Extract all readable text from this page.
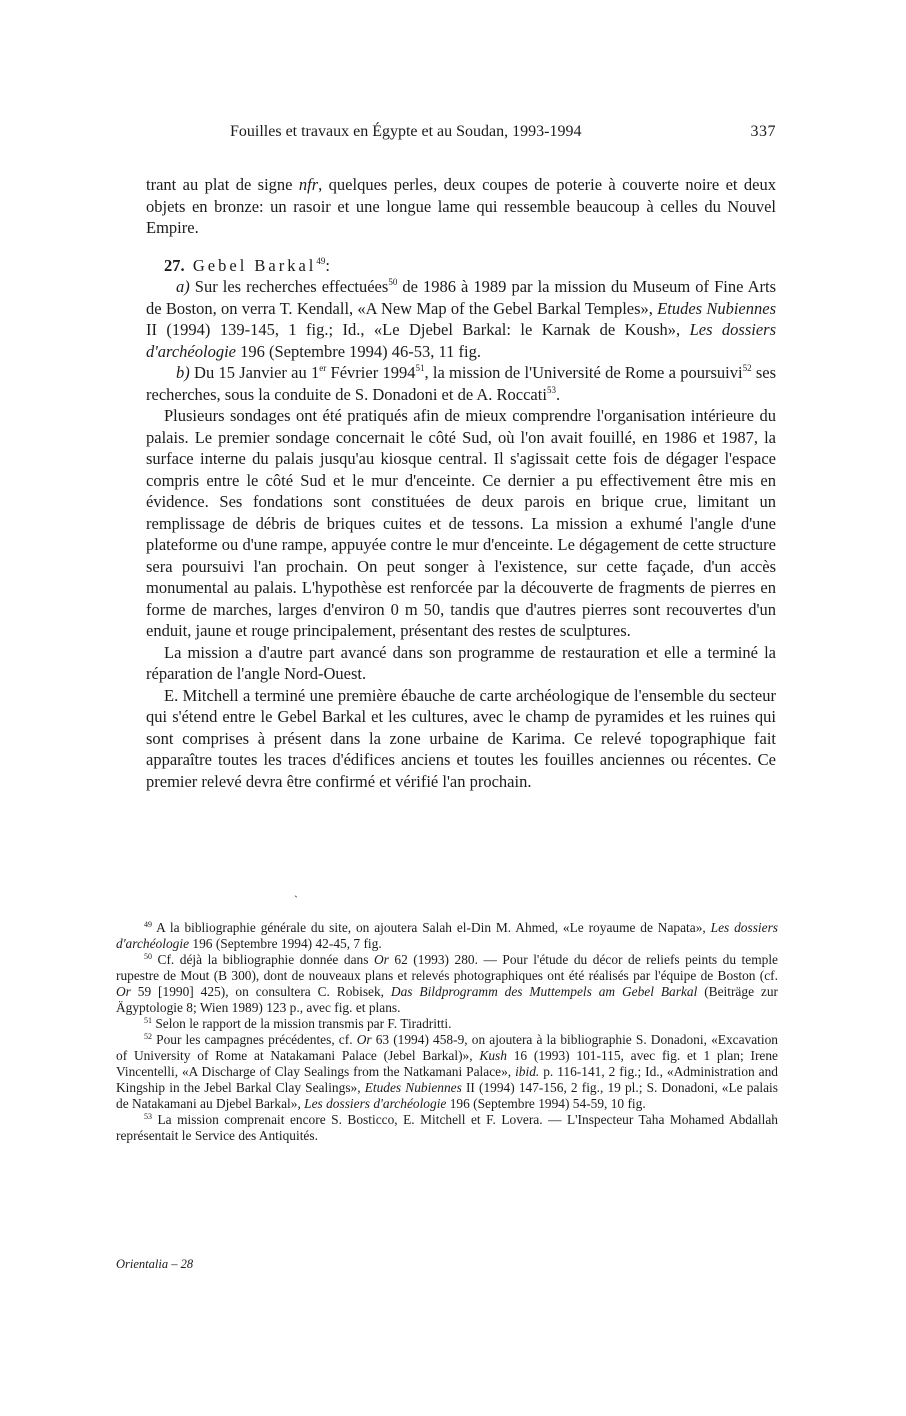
Fouilles et travaux en Égypte et au Soudan, 1993-1994	337

trant au plat de signe nfr, quelques perles, deux coupes de poterie à couverte noire et deux objets en bronze: un rasoir et une longue lame qui ressemble beaucoup à celles du Nouvel Empire.

27. Gebel Barkal$^{49}$:

a) Sur les recherches effectuées$^{50}$ de 1986 à 1989 par la mission du Museum of Fine Arts de Boston, on verra T. Kendall, «A New Map of the Gebel Barkal Temples», Etudes Nubiennes II (1994) 139-145, 1 fig.; Id., «Le Djebel Barkal: le Karnak de Koush», Les dossiers d'archéologie 196 (Septembre 1994) 46-53, 11 fig.

b) Du 15 Janvier au 1er Février 1994$^{51}$, la mission de l'Université de Rome a poursuivi$^{52}$ ses recherches, sous la conduite de S. Donadoni et de A. Roccati$^{53}$.

Plusieurs sondages ont été pratiqués afin de mieux comprendre l'organisation intérieure du palais. Le premier sondage concernait le côté Sud, où l'on avait fouillé, en 1986 et 1987, la surface interne du palais jusqu'au kiosque central. Il s'agissait cette fois de dégager l'espace compris entre le côté Sud et le mur d'enceinte. Ce dernier a pu effectivement être mis en évidence. Ses fondations sont constituées de deux parois en brique crue, limitant un remplissage de débris de briques cuites et de tessons. La mission a exhumé l'angle d'une plateforme ou d'une rampe, appuyée contre le mur d'enceinte. Le dégagement de cette structure sera poursuivi l'an prochain. On peut songer à l'existence, sur cette façade, d'un accès monumental au palais. L'hypothèse est renforcée par la découverte de fragments de pierres en forme de marches, larges d'environ 0 m 50, tandis que d'autres pierres sont recouvertes d'un enduit, jaune et rouge principalement, présentant des restes de sculptures.

La mission a d'autre part avancé dans son programme de restauration et elle a terminé la réparation de l'angle Nord-Ouest.

E. Mitchell a terminé une première ébauche de carte archéologique de l'ensemble du secteur qui s'étend entre le Gebel Barkal et les cultures, avec le champ de pyramides et les ruines qui sont comprises à présent dans la zone urbaine de Karima. Ce relevé topographique fait apparaître toutes les traces d'édifices anciens et toutes les fouilles anciennes ou récentes. Ce premier relevé devra être confirmé et vérifié l'an prochain.

`

$^{49}$ A la bibliographie générale du site, on ajoutera Salah el-Din M. Ahmed, «Le royaume de Napata», Les dossiers d'archéologie 196 (Septembre 1994) 42-45, 7 fig.

$^{50}$ Cf. déjà la bibliographie donnée dans Or 62 (1993) 280. — Pour l'étude du décor de reliefs peints du temple rupestre de Mout (B 300), dont de nouveaux plans et relevés photographiques ont été réalisés par l'équipe de Boston (cf. Or 59 [1990] 425), on consultera C. Robisek, Das Bildprogramm des Muttempels am Gebel Barkal (Beiträge zur Ägyptologie 8; Wien 1989) 123 p., avec fig. et plans.

$^{51}$ Selon le rapport de la mission transmis par F. Tiradritti.

$^{52}$ Pour les campagnes précédentes, cf. Or 63 (1994) 458-9, on ajoutera à la bibliographie S. Donadoni, «Excavation of University of Rome at Natakamani Palace (Jebel Barkal)», Kush 16 (1993) 101-115, avec fig. et 1 plan; Irene Vincentelli, «A Discharge of Clay Sealings from the Natkamani Palace», ibid. p. 116-141, 2 fig.; Id., «Administration and Kingship in the Jebel Barkal Clay Sealings», Etudes Nubiennes II (1994) 147-156, 2 fig., 19 pl.; S. Donadoni, «Le palais de Natakamani au Djebel Barkal», Les dossiers d'archéologie 196 (Septembre 1994) 54-59, 10 fig.

$^{53}$ La mission comprenait encore S. Bosticco, E. Mitchell et F. Lovera. — L'Inspecteur Taha Mohamed Abdallah représentait le Service des Antiquités.

Orientalia – 28
